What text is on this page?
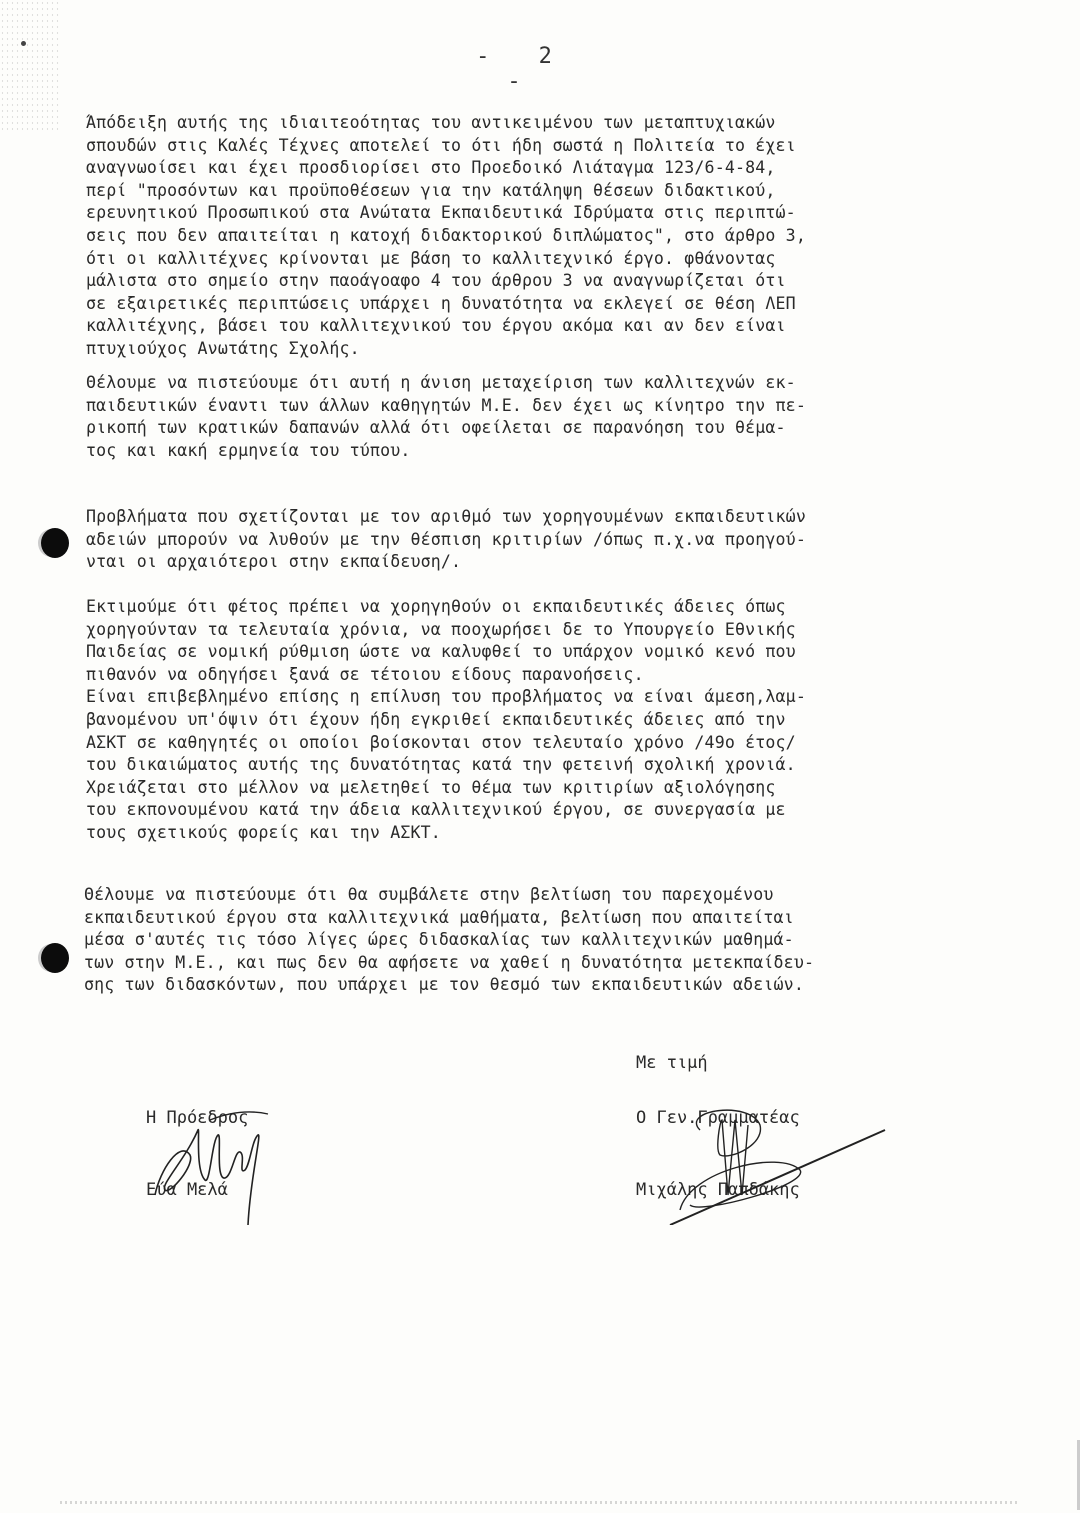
- 2 -
Άπόδειξη αυτής της ιδιαιτεοότητας του αντικειμένου των μεταπτυχιακών
σπουδών στις Καλές Τέχνες αποτελεί το ότι ήδη σωστά η Πολιτεία το έχει
αναγνωοίσει και έχει προσδιορίσει στο Προεδοικό Λιάταγμα 123/6-4-84,
περί "προσόντων και προϋποθέσεων για την κατάληψη θέσεων διδακτικού,
ερευνητικού Προσωπικού στα Ανώτατα Εκπαιδευτικά Ιδρύματα στις περιπτώ-
σεις που δεν απαιτείται η κατοχή διδακτορικού διπλώματος", στο άρθρο 3,
ότι οι καλλιτέχνες κρίνονται με βάση το καλλιτεχνικό έργο. φθάνοντας
μάλιστα στο σημείο στην παοάγοαφο 4 του άρθρου 3 να αναγνωρίζεται ότι
σε εξαιρετικές περιπτώσεις υπάρχει η δυνατότητα να εκλεγεί σε θέση ΛΕΠ
καλλιτέχνης, βάσει του καλλιτεχνικού του έργου ακόμα και αν δεν είναι
πτυχιούχος Ανωτάτης Σχολής.
Θέλουμε να πιστεύουμε ότι αυτή η άνιση μεταχείριση των καλλιτεχνών εκ-
παιδευτικών έναντι των άλλων καθηγητών Μ.Ε. δεν έχει ως κίνητρο την πε-
ρικοπή των κρατικών δαπανών αλλά ότι οφείλεται σε παρανόηση του θέμα-
τος και κακή ερμηνεία του τύπου.
Προβλήματα που σχετίζονται με τον αριθμό των χορηγουμένων εκπαιδευτικών
αδειών μπορούν να λυθούν με την θέσπιση κριτιρίων /όπως π.χ.να προηγού-
νται οι αρχαιότεροι στην εκπαίδευση/.
Εκτιμούμε ότι φέτος πρέπει να χορηγηθούν οι εκπαιδευτικές άδειες όπως
χορηγούνταν τα τελευταία χρόνια, να ποοχωρήσει δε το Υπουργείο Εθνικής
Παιδείας σε νομική ρύθμιση ώστε να καλυφθεί το υπάρχον νομικό κενό που
πιθανόν να οδηγήσει ξανά σε τέτοιου είδους παρανοήσεις.
Είναι επιβεβλημένο επίσης η επίλυση του προβλήματος να είναι άμεση,λαμ-
βανομένου υπ'όψιν ότι έχουν ήδη εγκριθεί εκπαιδευτικές άδειες από την
ΑΣΚΤ σε καθηγητές οι οποίοι βοίσκονται στον τελευταίο χρόνο /49ο έτος/
του δικαιώματος αυτής της δυνατότητας κατά την φετεινή σχολική χρονιά.
Χρειάζεται στο μέλλον να μελετηθεί το θέμα των κριτιρίων αξιολόγησης
του εκπονουμένου κατά την άδεια καλλιτεχνικού έργου, σε συνεργασία με
τους σχετικούς φορείς και την ΑΣΚΤ.
Θέλουμε να πιστεύουμε ότι θα συμβάλετε στην βελτίωση του παρεχομένου
εκπαιδευτικού έργου στα καλλιτεχνικά μαθήματα, βελτίωση που απαιτείται
μέσα σ'αυτές τις τόσο λίγες ώρες διδασκαλίας των καλλιτεχνικών μαθημά-
των στην Μ.Ε., και πως δεν θα αφήσετε να χαθεί η δυνατότητα μετεκπαίδευ-
σης των διδασκόντων, που υπάρχει με τον θεσμό των εκπαιδευτικών αδειών.
Με τιμή
Η Πρόεδρος
Εύα Μελά
Ο Γεν.Γραμματέας
Μιχάλης Παπδάκης
